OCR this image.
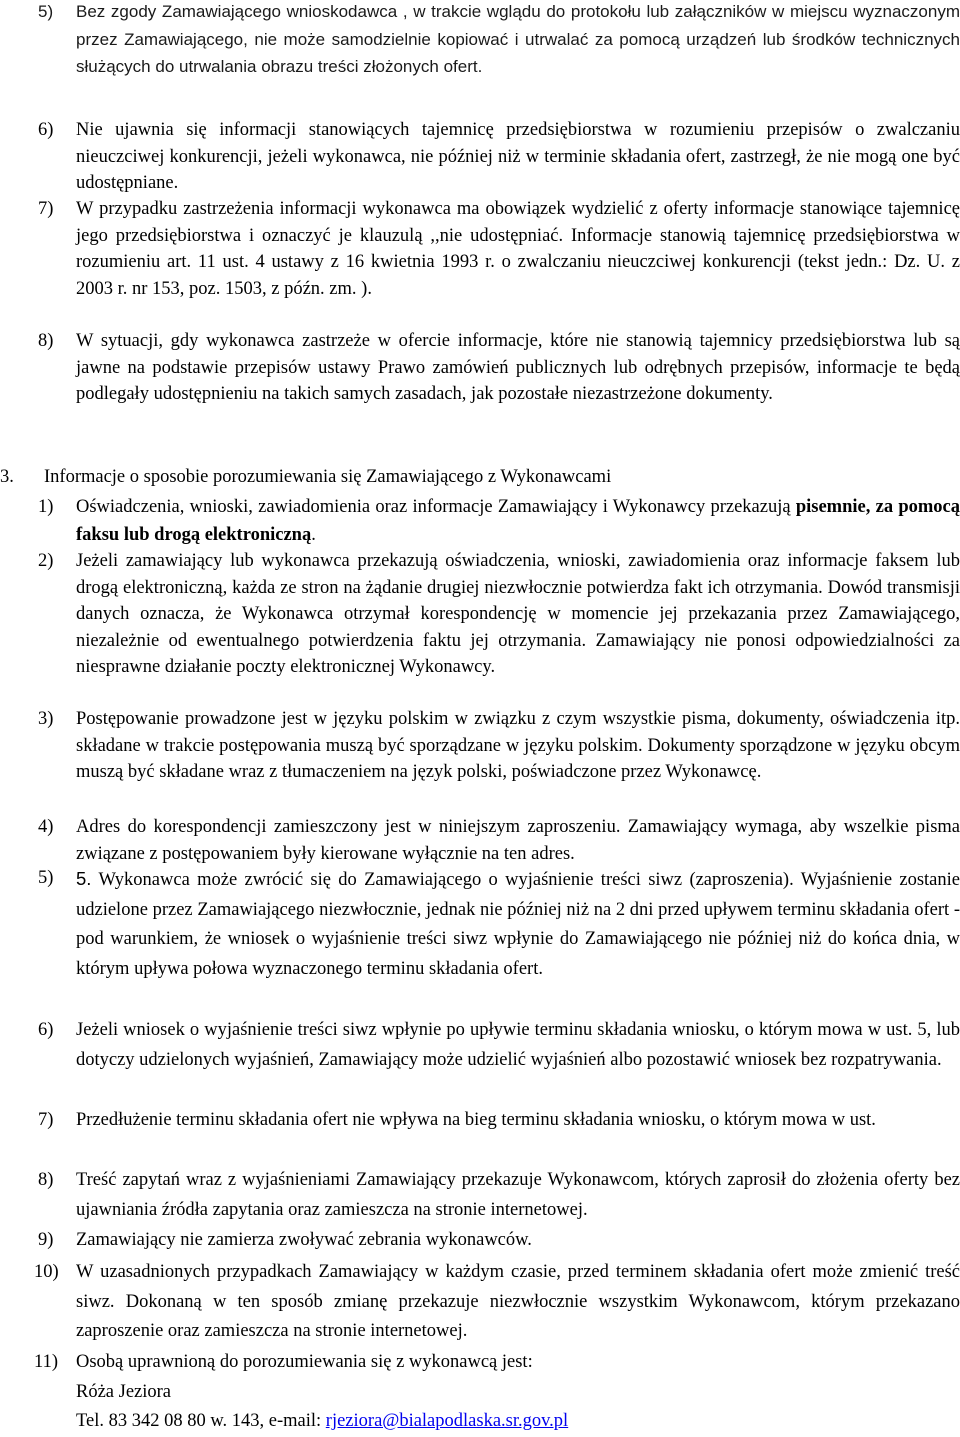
5) Bez zgody Zamawiającego wnioskodawca , w trakcie wglądu do protokołu lub załączników w miejscu wyznaczonym przez Zamawiającego, nie może samodzielnie kopiować i utrwalać za pomocą urządzeń lub środków technicznych służących do utrwalania obrazu treści złożonych ofert.
6) Nie ujawnia się informacji stanowiących tajemnicę przedsiębiorstwa w rozumieniu przepisów o zwalczaniu nieuczciwej konkurencji, jeżeli wykonawca, nie później niż w terminie składania ofert, zastrzegł, że nie mogą one być udostępniane.
7) W przypadku zastrzeżenia informacji wykonawca ma obowiązek wydzielić z oferty informacje stanowiące tajemnicę jego przedsiębiorstwa i oznaczyć je klauzulą ,,nie udostępniać. Informacje stanowią tajemnicę przedsiębiorstwa w rozumieniu art. 11 ust. 4 ustawy z 16 kwietnia 1993 r. o zwalczaniu nieuczciwej konkurencji (tekst jedn.: Dz. U. z 2003 r. nr 153, poz. 1503, z późn. zm. ).
8) W sytuacji, gdy wykonawca zastrzeże w ofercie informacje, które nie stanowią tajemnicy przedsiębiorstwa lub są jawne na podstawie przepisów ustawy Prawo zamówień publicznych lub odrębnych przepisów, informacje te będą podlegały udostępnieniu na takich samych zasadach, jak pozostałe niezastrzeżone dokumenty.
3. Informacje o sposobie porozumiewania się Zamawiającego z Wykonawcami
1) Oświadczenia, wnioski, zawiadomienia oraz informacje Zamawiający i Wykonawcy przekazują pisemnie, za pomocą faksu lub drogą elektroniczną.
2) Jeżeli zamawiający lub wykonawca przekazują oświadczenia, wnioski, zawiadomienia oraz informacje faksem lub drogą elektroniczną, każda ze stron na żądanie drugiej niezwłocznie potwierdza fakt ich otrzymania. Dowód transmisji danych oznacza, że Wykonawca otrzymał korespondencję w momencie jej przekazania przez Zamawiającego, niezależnie od ewentualnego potwierdzenia faktu jej otrzymania. Zamawiający nie ponosi odpowiedzialności za niesprawne działanie poczty elektronicznej Wykonawcy.
3) Postępowanie prowadzone jest w języku polskim w związku z czym wszystkie pisma, dokumenty, oświadczenia itp. składane w trakcie postępowania muszą być sporządzane w języku polskim. Dokumenty sporządzone w języku obcym muszą być składane wraz z tłumaczeniem na język polski, poświadczone przez Wykonawcę.
4) Adres do korespondencji zamieszczony jest w niniejszym zaproszeniu. Zamawiający wymaga, aby wszelkie pisma związane z postępowaniem były kierowane wyłącznie na ten adres.
5) 5. Wykonawca może zwrócić się do Zamawiającego o wyjaśnienie treści siwz (zaproszenia). Wyjaśnienie zostanie udzielone przez Zamawiającego niezwłocznie, jednak nie później niż na 2 dni przed upływem terminu składania ofert - pod warunkiem, że wniosek o wyjaśnienie treści siwz wpłynie do Zamawiającego nie później niż do końca dnia, w którym upływa połowa wyznaczonego terminu składania ofert.
6) Jeżeli wniosek o wyjaśnienie treści siwz wpłynie po upływie terminu składania wniosku, o którym mowa w ust. 5, lub dotyczy udzielonych wyjaśnień, Zamawiający może udzielić wyjaśnień albo pozostawić wniosek bez rozpatrywania.
7) Przedłużenie terminu składania ofert nie wpływa na bieg terminu składania wniosku, o którym mowa w ust.
8) Treść zapytań wraz z wyjaśnieniami Zamawiający przekazuje Wykonawcom, których zaprosił do złożenia oferty bez ujawniania źródła zapytania oraz zamieszcza na stronie internetowej.
9) Zamawiający nie zamierza zwoływać zebrania wykonawców.
10) W uzasadnionych przypadkach Zamawiający w każdym czasie, przed terminem składania ofert może zmienić treść siwz. Dokonaną w ten sposób zmianę przekazuje niezwłocznie wszystkim Wykonawcom, którym przekazano zaproszenie oraz zamieszcza na stronie internetowej.
11) Osobą uprawnioną do porozumiewania się z wykonawcą jest:
Róża Jeziora
Tel. 83 342 08 80 w. 143, e-mail: rjeziora@bialapodlaska.sr.gov.pl
